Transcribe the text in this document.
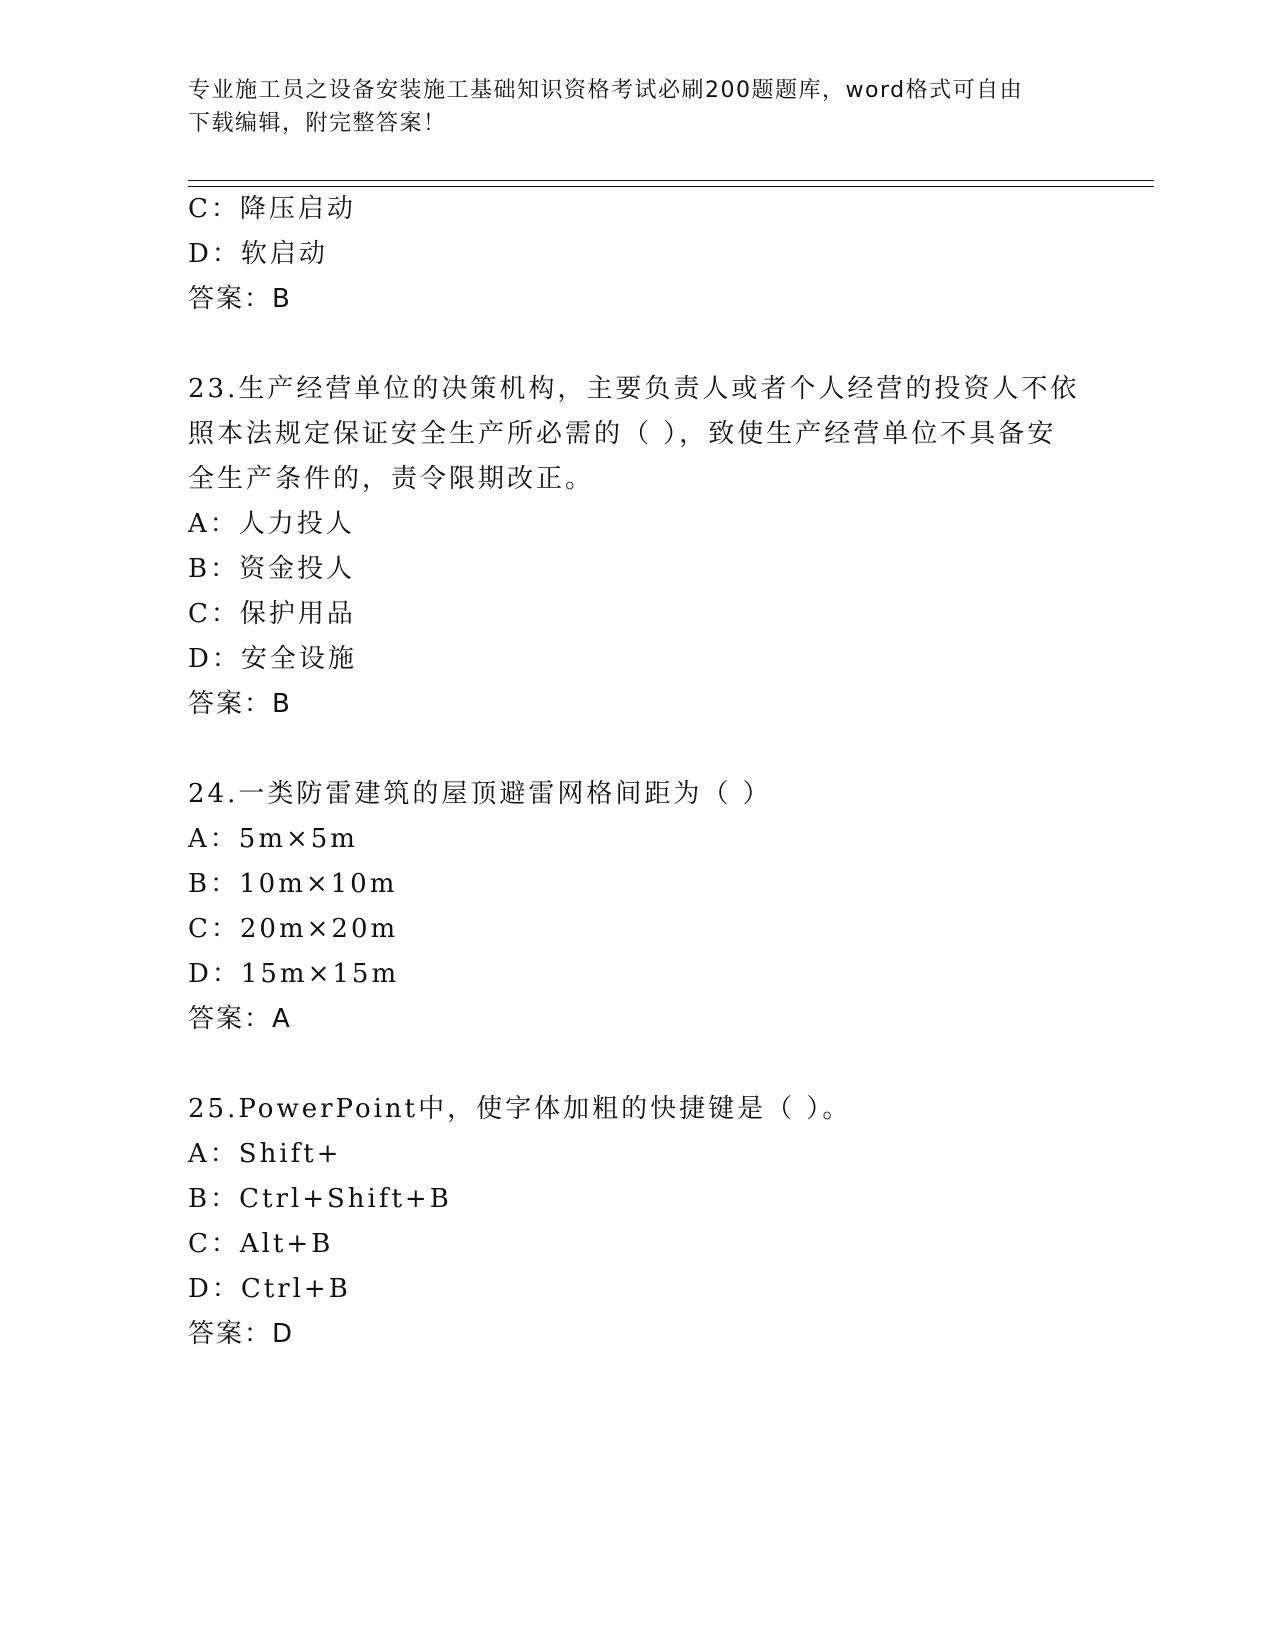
专业施工员之设备安装施工基础知识资格考试必刷200题题库，word格式可自由
下载编辑，附完整答案！
C：降压启动
D：软启动
答案：B
23.生产经营单位的决策机构，主要负责人或者个人经营的投资人不依
照本法规定保证安全生产所必需的（ ），致使生产经营单位不具备安
全生产条件的，责令限期改正。
A：人力投人
B：资金投人
C：保护用品
D：安全设施
答案：B
24.一类防雷建筑的屋顶避雷网格间距为（ ）
A：5m×5m
B：10m×10m
C：20m×20m
D：15m×15m
答案：A
25.PowerPoint中，使字体加粗的快捷键是（ ）。
A：Shift+
B：Ctrl+Shift+B
C：Alt+B
D：Ctrl+B
答案：D
